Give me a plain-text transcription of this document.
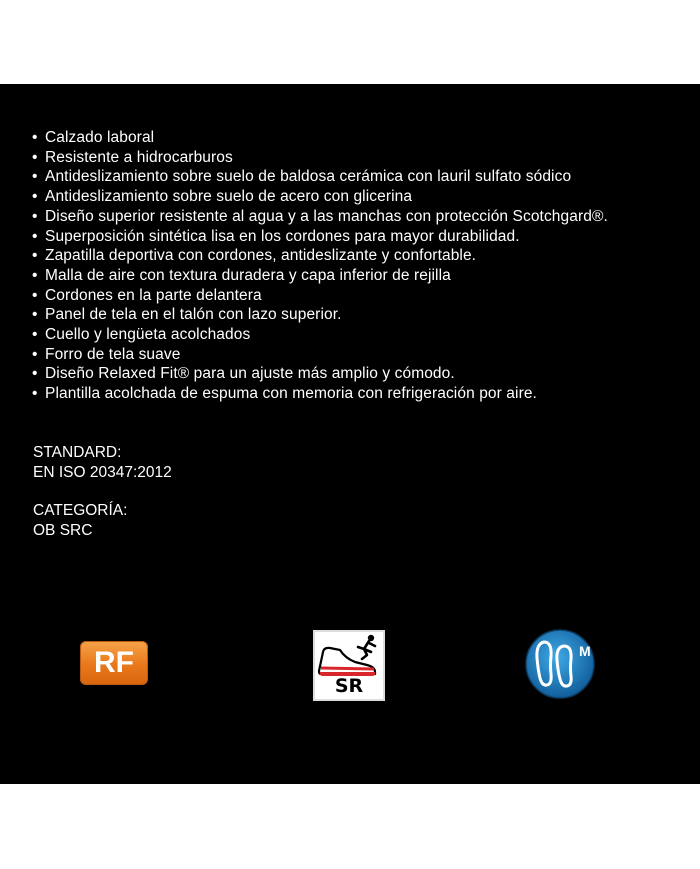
• Calzado laboral
• Resistente a hidrocarburos
• Antideslizamiento sobre suelo de baldosa cerámica con lauril sulfato sódico
• Antideslizamiento sobre suelo de acero con glicerina
• Diseño superior resistente al agua y a las manchas con protección Scotchgard®.
• Superposición sintética lisa en los cordones para mayor durabilidad.
• Zapatilla deportiva con cordones, antideslizante y confortable.
• Malla de aire con textura duradera y capa inferior de rejilla
• Cordones en la parte delantera
• Panel de tela en el talón con lazo superior.
• Cuello y lengüeta acolchados
• Forro de tela suave
• Diseño Relaxed Fit® para un ajuste más amplio y cómodo.
• Plantilla acolchada de espuma con memoria con refrigeración por aire.
STANDARD:
EN ISO 20347:2012
CATEGORÍA:
OB SRC
RF
SR
M
